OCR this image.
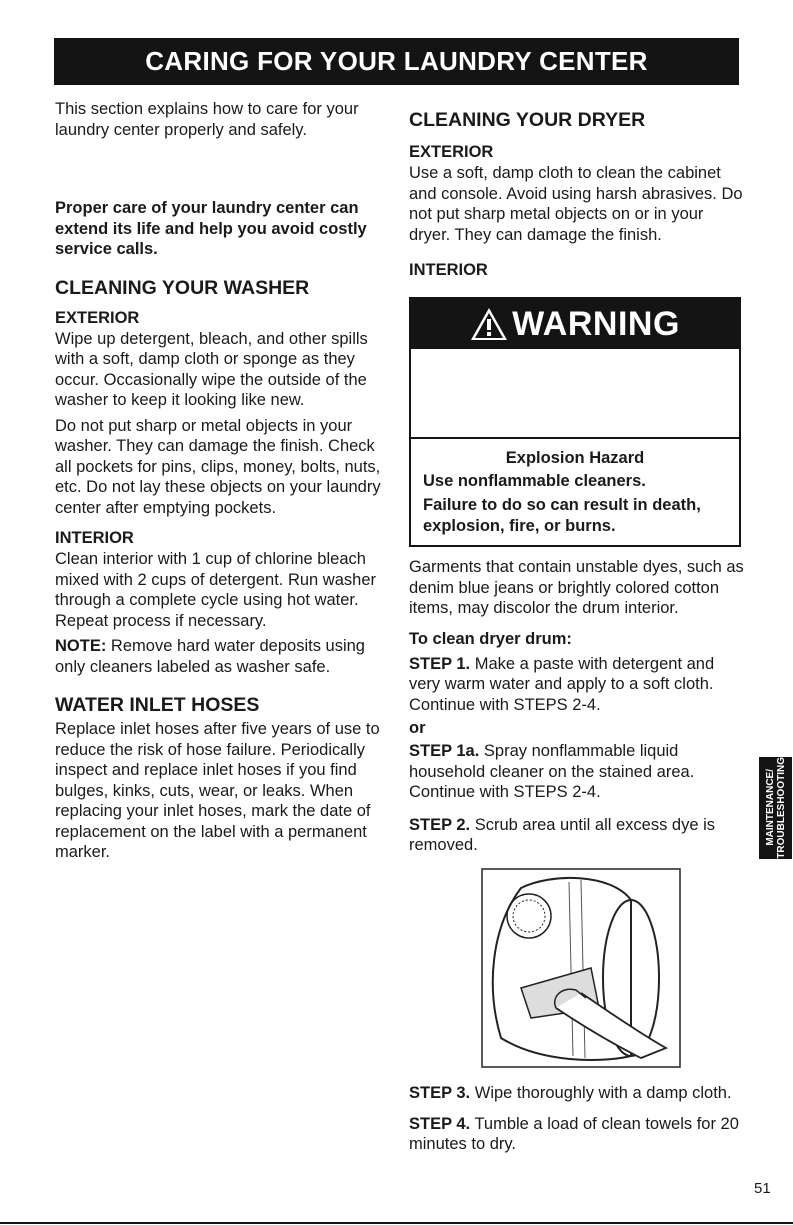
CARING FOR YOUR LAUNDRY CENTER

This section explains how to care for your laundry center properly and safely.

Proper care of your laundry center can extend its life and help you avoid costly service calls.

CLEANING YOUR WASHER
EXTERIOR

Wipe up detergent, bleach, and other spills with a soft, damp cloth or sponge as they occur. Occasionally wipe the outside of the washer to keep it looking like new.

Do not put sharp or metal objects in your washer. They can damage the finish. Check all pockets for pins, clips, money, bolts, nuts, etc. Do not lay these objects on your laundry center after emptying pockets.

INTERIOR

Clean interior with 1 cup of chlorine bleach mixed with 2 cups of detergent. Run washer through a complete cycle using hot water. Repeat process if necessary.

NOTE: Remove hard water deposits using only cleaners labeled as washer safe.

WATER INLET HOSES

Replace inlet hoses after five years of use to reduce the risk of hose failure. Periodically inspect and replace inlet hoses if you find bulges, kinks, cuts, wear, or leaks. When replacing your inlet hoses, mark the date of replacement on the label with a permanent marker.

CLEANING YOUR DRYER
EXTERIOR

Use a soft, damp cloth to clean the cabinet and console. Avoid using harsh abrasives. Do not put sharp metal objects on or in your dryer. They can damage the finish.

INTERIOR
WARNING
Explosion Hazard
Use nonflammable cleaners.
Failure to do so can result in death, explosion, fire, or burns.

Garments that contain unstable dyes, such as denim blue jeans or brightly colored cotton items, may discolor the drum interior.

To clean dryer drum:

STEP 1. Make a paste with detergent and very warm water and apply to a soft cloth. Continue with STEPS 2-4.

or

STEP 1a. Spray nonflammable liquid household cleaner on the stained area. Continue with STEPS 2-4.

STEP 2. Scrub area until all excess dye is removed.

STEP 3. Wipe thoroughly with a damp cloth.

STEP 4. Tumble a load of clean towels for 20 minutes to dry.

MAINTENANCE/
TROUBLESHOOTING
51
